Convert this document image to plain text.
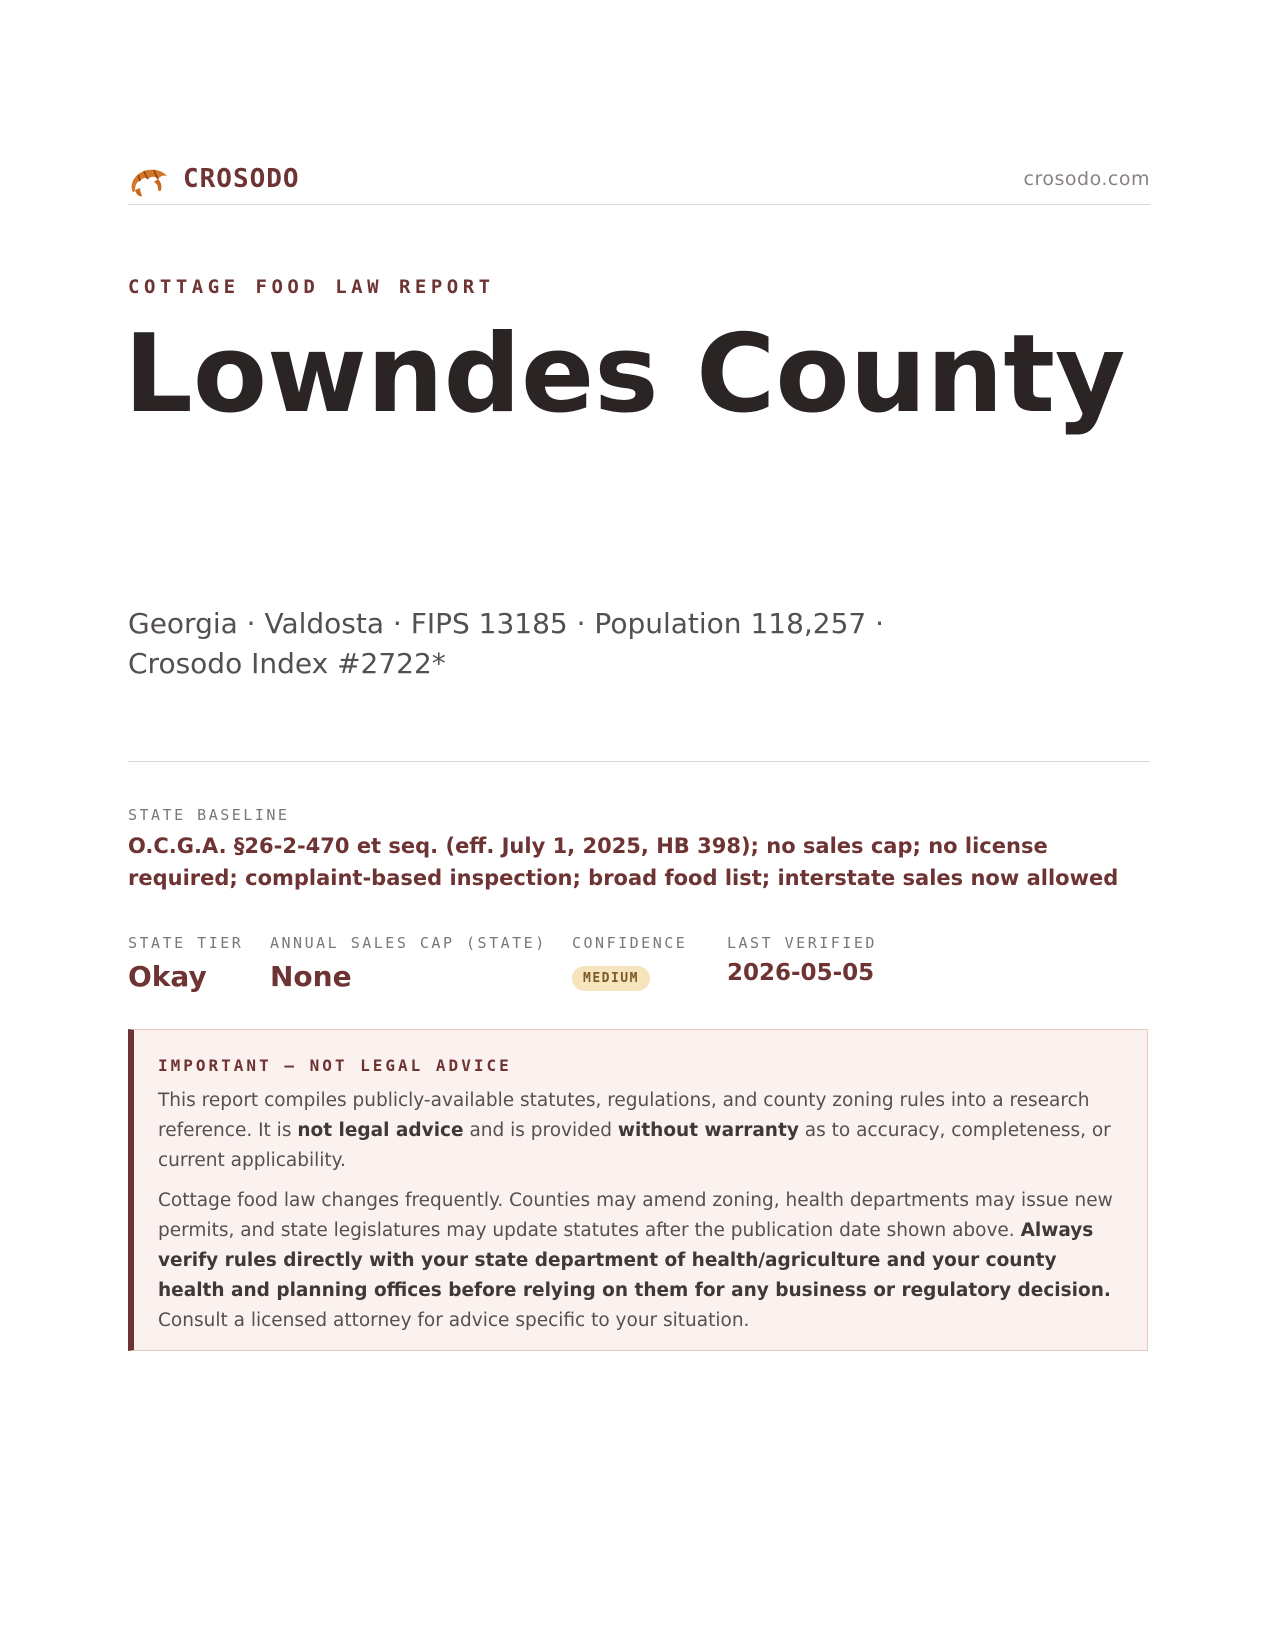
CROSODO	crosodo.com
COTTAGE FOOD LAW REPORT
Lowndes County
Georgia · Valdosta · FIPS 13185 · Population 118,257 ·
Crosodo Index #2722*
STATE BASELINE
O.C.G.A. §26-2-470 et seq. (eff. July 1, 2025, HB 398); no sales cap; no license required; complaint-based inspection; broad food list; interstate sales now allowed
STATE TIER
Okay
ANNUAL SALES CAP (STATE)
None
CONFIDENCE
MEDIUM
LAST VERIFIED
2026-05-05
IMPORTANT — NOT LEGAL ADVICE

This report compiles publicly-available statutes, regulations, and county zoning rules into a research reference. It is not legal advice and is provided without warranty as to accuracy, completeness, or current applicability.

Cottage food law changes frequently. Counties may amend zoning, health departments may issue new permits, and state legislatures may update statutes after the publication date shown above. Always verify rules directly with your state department of health/agriculture and your county health and planning offices before relying on them for any business or regulatory decision. Consult a licensed attorney for advice specific to your situation.
